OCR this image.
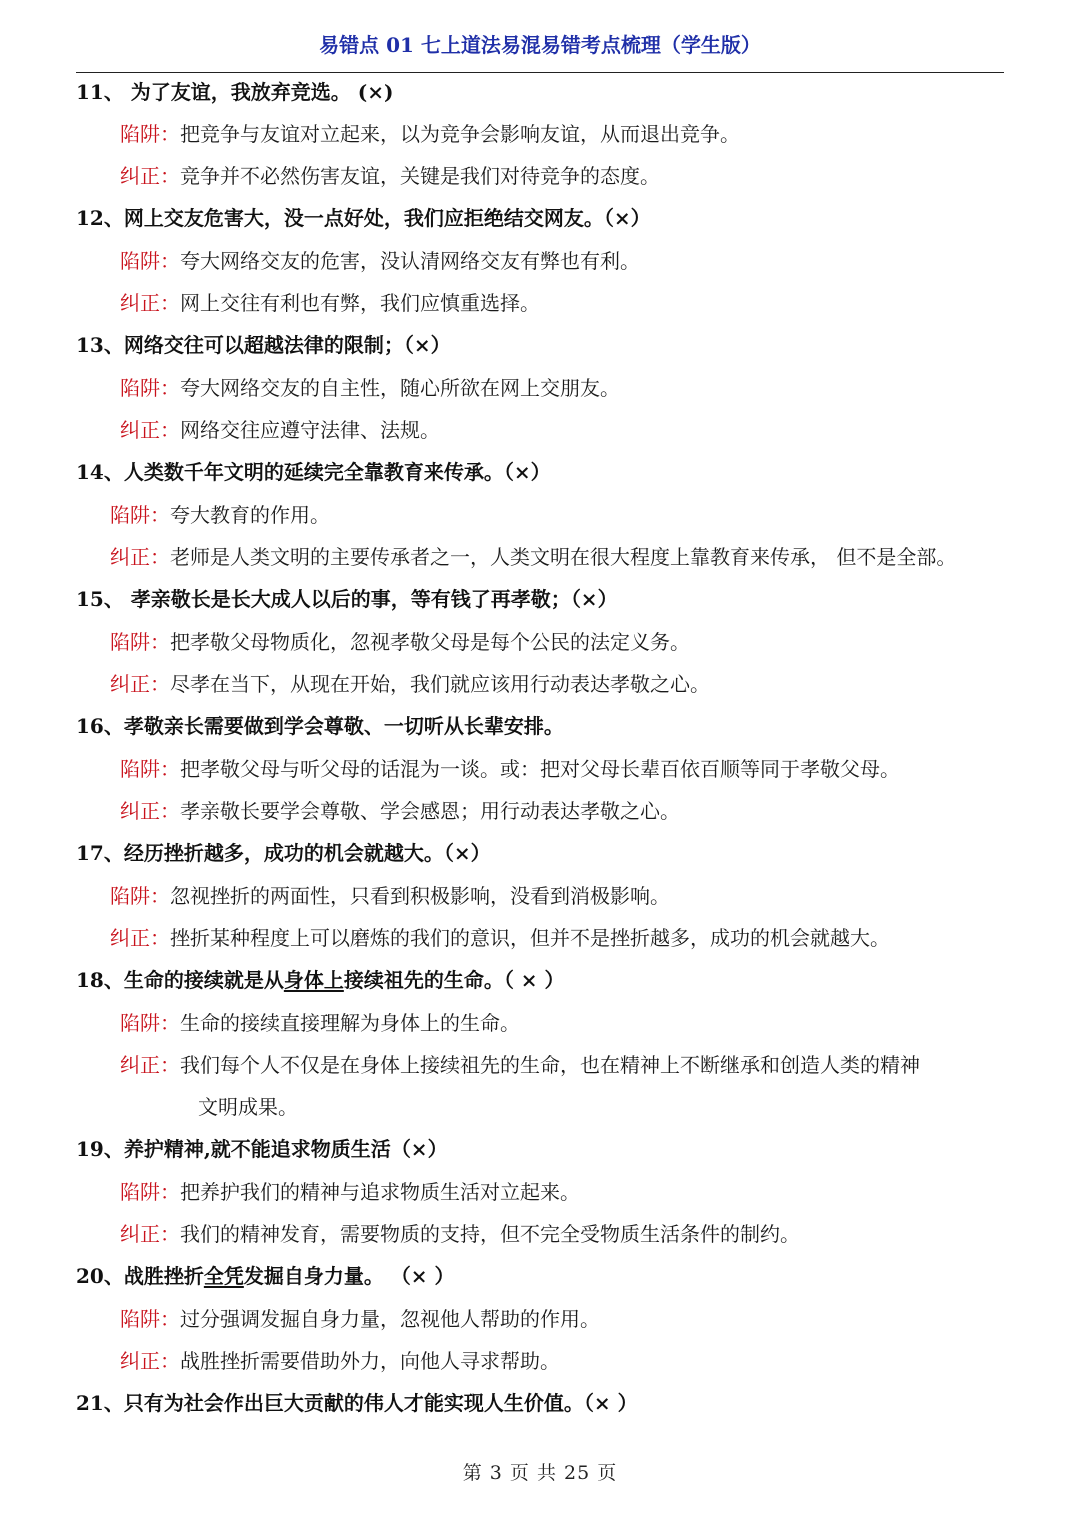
易错点 01 七上道法易混易错考点梳理（学生版）
11、 为了友谊，我放弃竞选。 (×)
陷阱：把竞争与友谊对立起来，以为竞争会影响友谊，从而退出竞争。
纠正：竞争并不必然伤害友谊，关键是我们对待竞争的态度。
12、网上交友危害大，没一点好处，我们应拒绝结交网友。（×）
陷阱：夸大网络交友的危害，没认清网络交友有弊也有利。
纠正：网上交往有利也有弊，我们应慎重选择。
13、网络交往可以超越法律的限制；（×）
陷阱：夸大网络交友的自主性，随心所欲在网上交朋友。
纠正：网络交往应遵守法律、法规。
14、人类数千年文明的延续完全靠教育来传承。（×）
陷阱：夸大教育的作用。
纠正：老师是人类文明的主要传承者之一，人类文明在很大程度上靠教育来传承， 但不是全部。
15、 孝亲敬长是长大成人以后的事，等有钱了再孝敬；（×）
陷阱：把孝敬父母物质化，忽视孝敬父母是每个公民的法定义务。
纠正：尽孝在当下，从现在开始，我们就应该用行动表达孝敬之心。
16、孝敬亲长需要做到学会尊敬、一切听从长辈安排。
陷阱：把孝敬父母与听父母的话混为一谈。或：把对父母长辈百依百顺等同于孝敬父母。
纠正：孝亲敬长要学会尊敬、学会感恩；用行动表达孝敬之心。
17、经历挫折越多，成功的机会就越大。（×）
陷阱：忽视挫折的两面性，只看到积极影响，没看到消极影响。
纠正：挫折某种程度上可以磨炼的我们的意识，但并不是挫折越多，成功的机会就越大。
18、生命的接续就是从身体上接续祖先的生命。（ × ）
陷阱：生命的接续直接理解为身体上的生命。
纠正：我们每个人不仅是在身体上接续祖先的生命，也在精神上不断继承和创造人类的精神
文明成果。
19、养护精神,就不能追求物质生活（×）
陷阱：把养护我们的精神与追求物质生活对立起来。
纠正：我们的精神发育，需要物质的支持，但不完全受物质生活条件的制约。
20、战胜挫折全凭发掘自身力量。 （× ）
陷阱：过分强调发掘自身力量，忽视他人帮助的作用。
纠正：战胜挫折需要借助外力，向他人寻求帮助。
21、只有为社会作出巨大贡献的伟人才能实现人生价值。（× ）
第 3 页 共 25 页
